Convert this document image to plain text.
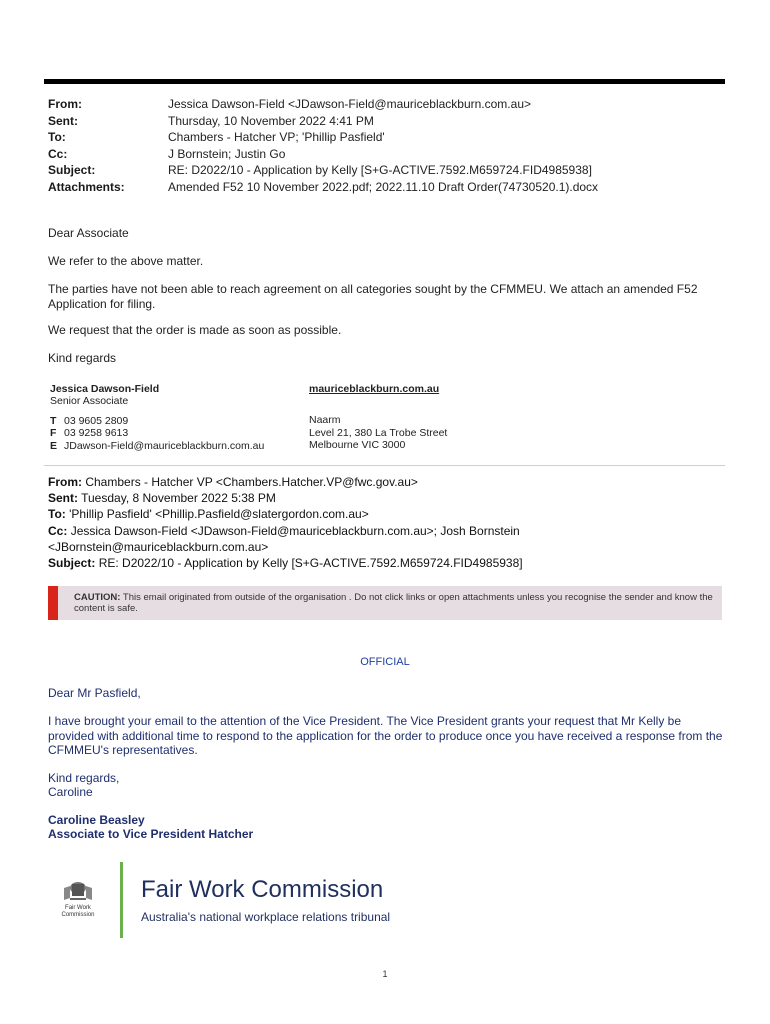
From:	Jessica Dawson-Field <JDawson-Field@mauriceblackburn.com.au>
Sent:	Thursday, 10 November 2022 4:41 PM
To:	Chambers - Hatcher VP; 'Phillip Pasfield'
Cc:	J Bornstein; Justin Go
Subject:	RE: D2022/10 - Application by Kelly [S+G-ACTIVE.7592.M659724.FID4985938]
Attachments:	Amended F52 10 November 2022.pdf; 2022.11.10 Draft Order(74730520.1).docx
Dear Associate
We refer to the above matter.
The parties have not been able to reach agreement on all categories sought by the CFMMEU. We attach an amended F52 Application for filing.
We request that the order is made as soon as possible.
Kind regards
Jessica Dawson-Field
Senior Associate
T 03 9605 2809
F 03 9258 9613
E JDawson-Field@mauriceblackburn.com.au
mauriceblackburn.com.au
Naarm
Level 21, 380 La Trobe Street
Melbourne VIC 3000
From: Chambers - Hatcher VP <Chambers.Hatcher.VP@fwc.gov.au>
Sent: Tuesday, 8 November 2022 5:38 PM
To: 'Phillip Pasfield' <Phillip.Pasfield@slatergordon.com.au>
Cc: Jessica Dawson-Field <JDawson-Field@mauriceblackburn.com.au>; Josh Bornstein
<JBornstein@mauriceblackburn.com.au>
Subject: RE: D2022/10 - Application by Kelly [S+G-ACTIVE.7592.M659724.FID4985938]
CAUTION: This email originated from outside of the organisation . Do not click links or open attachments unless you recognise the sender and know the content is safe.
OFFICIAL
Dear Mr Pasfield,
I have brought your email to the attention of the Vice President. The Vice President grants your request that Mr Kelly be provided with additional time to respond to the application for the order to produce once you have received a response from the CFMMEU's representatives.
Kind regards,
Caroline
Caroline Beasley
Associate to Vice President Hatcher
Fair Work
Commission
Fair Work Commission
Australia's national workplace relations tribunal
1
